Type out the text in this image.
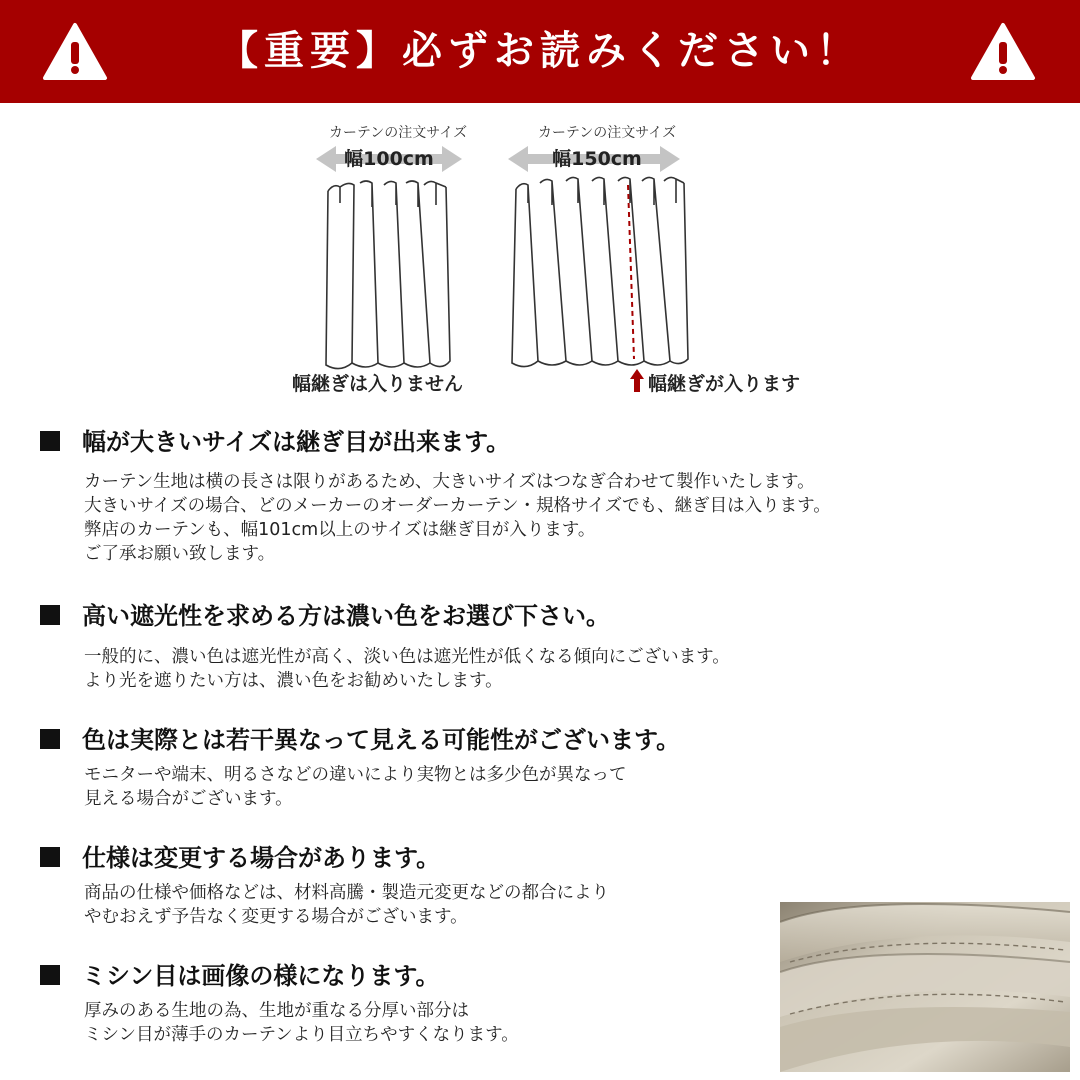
【重要】必ずお読みください！
カーテンの注文サイズ	カーテンの注文サイズ
幅100cm	幅150cm
幅継ぎは入りません	幅継ぎが入ります
幅が大きいサイズは継ぎ目が出来ます。
カーテン生地は横の長さは限りがあるため、大きいサイズはつなぎ合わせて製作いたします。
大きいサイズの場合、どのメーカーのオーダーカーテン・規格サイズでも、継ぎ目は入ります。
弊店のカーテンも、幅101cm以上のサイズは継ぎ目が入ります。
ご了承お願い致します。
高い遮光性を求める方は濃い色をお選び下さい。
一般的に、濃い色は遮光性が高く、淡い色は遮光性が低くなる傾向にございます。
より光を遮りたい方は、濃い色をお勧めいたします。
色は実際とは若干異なって見える可能性がございます。
モニターや端末、明るさなどの違いにより実物とは多少色が異なって
見える場合がございます。
仕様は変更する場合があります。
商品の仕様や価格などは、材料高騰・製造元変更などの都合により
やむおえず予告なく変更する場合がございます。
ミシン目は画像の様になります。
厚みのある生地の為、生地が重なる分厚い部分は
ミシン目が薄手のカーテンより目立ちやすくなります。
